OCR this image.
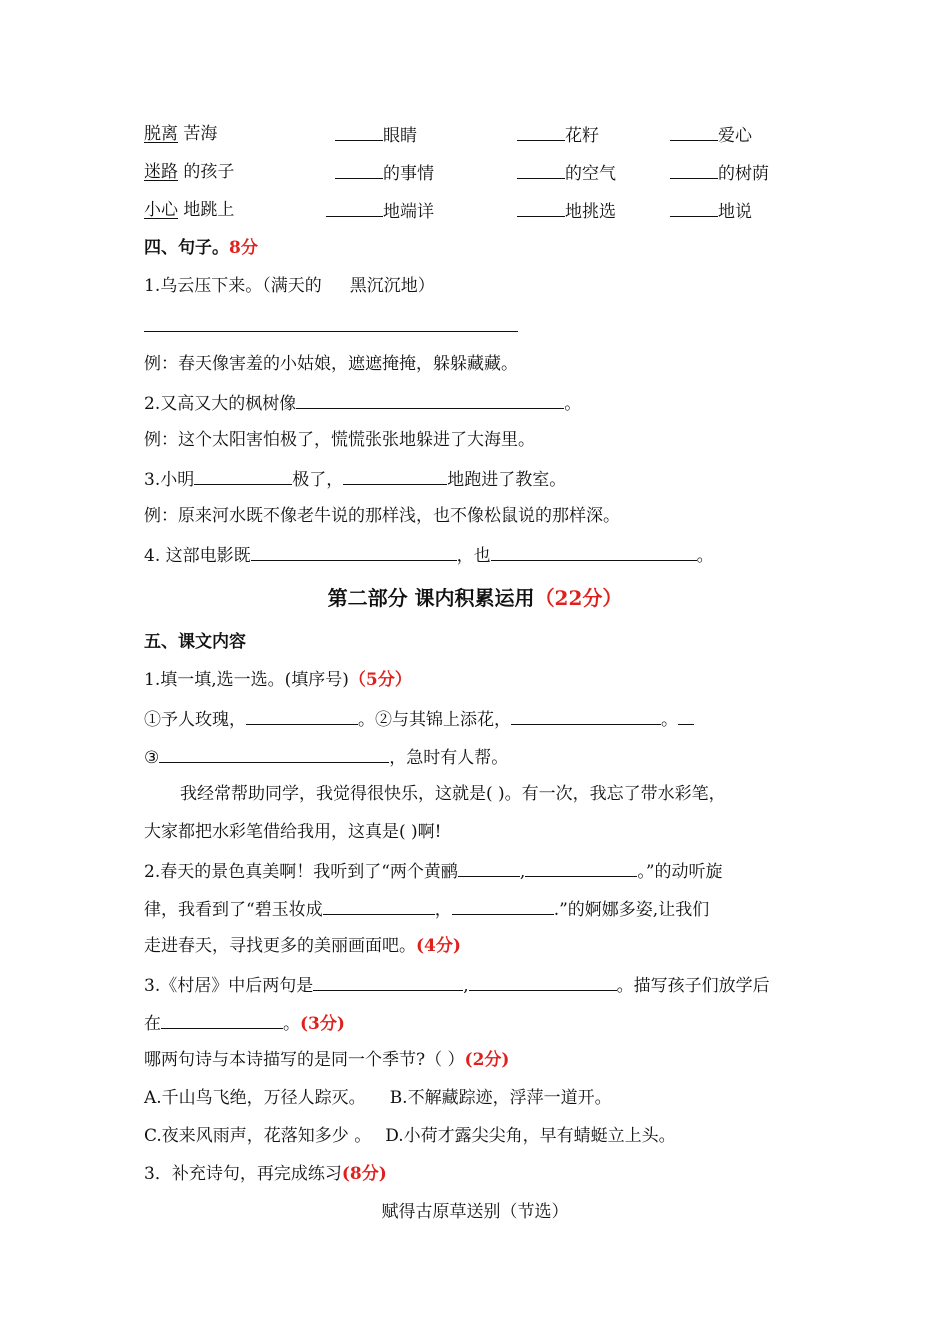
脱离 苦海	眼睛	花籽	爱心
迷路 的孩子	的事情	的空气	的树荫
小心 地跳上	地端详	地挑选	地说
四、句子。8分
1.乌云压下来。（满天的 黑沉沉地）
例：春天像害羞的小姑娘，遮遮掩掩，躲躲藏藏。
2.又高又大的枫树像	。
例：这个太阳害怕极了，慌慌张张地躲进了大海里。
3.小明	极了，	地跑进了教室。
例：原来河水既不像老牛说的那样浅，也不像松鼠说的那样深。
4. 这部电影既	，也	。
第二部分 课内积累运用（22分）
五、课文内容
1.填一填,选一选。(填序号)（5分）
①予人玫瑰，	。②与其锦上添花，	。
③	，急时有人帮。
我经常帮助同学，我觉得很快乐，这就是( )。有一次，我忘了带水彩笔，
大家都把水彩笔借给我用，这真是( )啊!
2.春天的景色真美啊！我听到了“两个黄鹂	,	。”的动听旋
律，我看到了“碧玉妆成	，	.”的婀娜多姿,让我们
走进春天，寻找更多的美丽画面吧。(4分)
3.《村居》中后两句是	,	。描写孩子们放学后
在	。(3分)
哪两句诗与本诗描写的是同一个季节?（ ）(2分)
A.千山鸟飞绝，万径人踪灭。 B.不解藏踪迹，浮萍一道开。
C.夜来风雨声，花落知多少 。 D.小荷才露尖尖角，早有蜻蜓立上头。
3．补充诗句，再完成练习(8分)
赋得古原草送别（节选）
